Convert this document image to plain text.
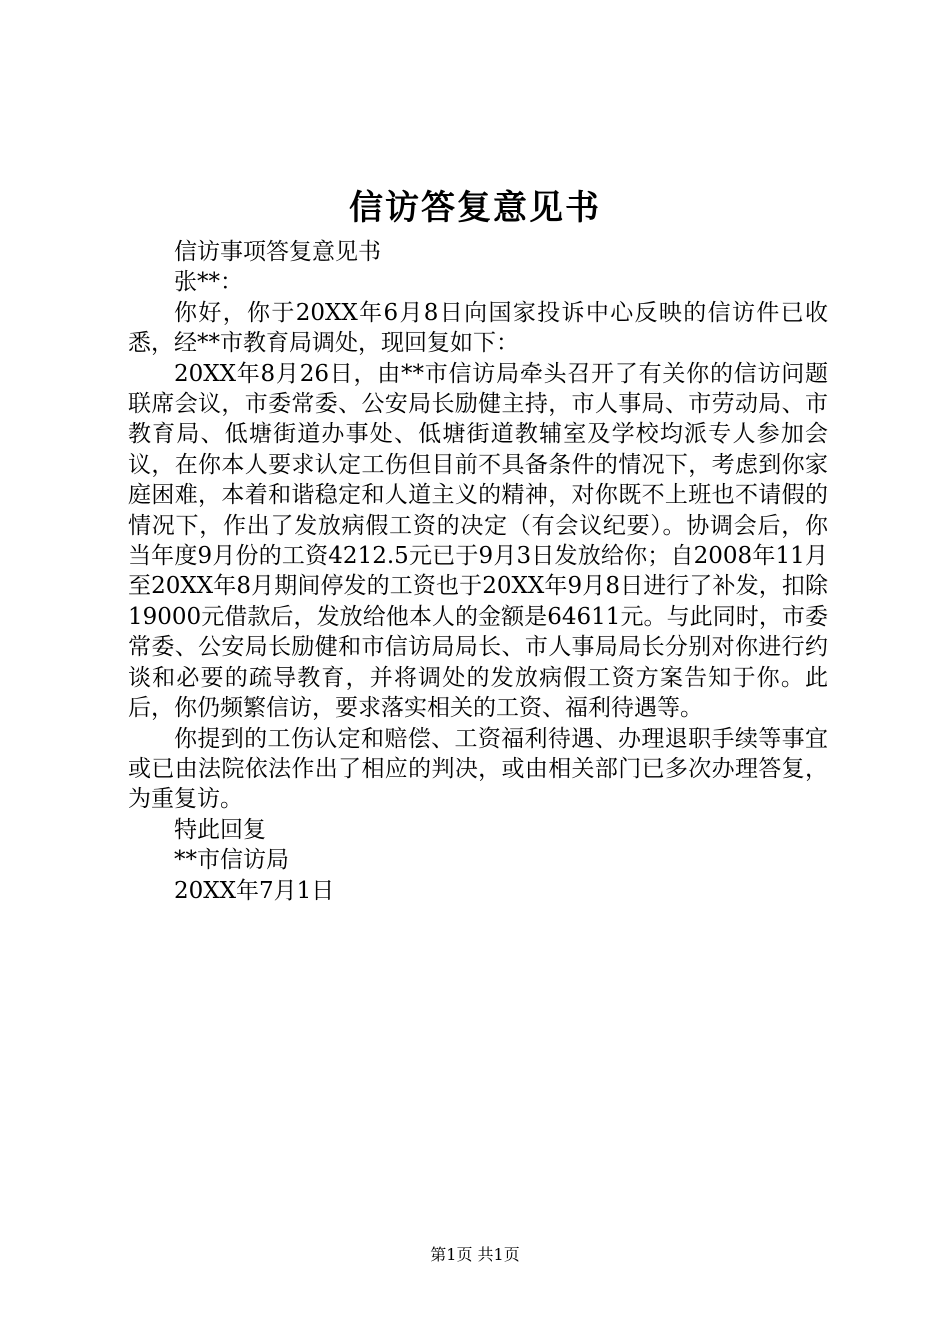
信访答复意见书

信访事项答复意见书

张**：

你好，你于20XX年6月8日向国家投诉中心反映的信访件已收悉，经**市教育局调处，现回复如下：

20XX年8月26日，由**市信访局牵头召开了有关你的信访问题联席会议，市委常委、公安局长励健主持，市人事局、市劳动局、市教育局、低塘街道办事处、低塘街道教辅室及学校均派专人参加会议，在你本人要求认定工伤但目前不具备条件的情况下，考虑到你家庭困难，本着和谐稳定和人道主义的精神，对你既不上班也不请假的情况下，作出了发放病假工资的决定（有会议纪要）。协调会后，你当年度9月份的工资4212.5元已于9月3日发放给你；自2008年11月至20XX年8月期间停发的工资也于20XX年9月8日进行了补发，扣除19000元借款后，发放给他本人的金额是64611元。与此同时，市委常委、公安局长励健和市信访局局长、市人事局局长分别对你进行约谈和必要的疏导教育，并将调处的发放病假工资方案告知于你。此后，你仍频繁信访，要求落实相关的工资、福利待遇等。

你提到的工伤认定和赔偿、工资福利待遇、办理退职手续等事宜或已由法院依法作出了相应的判决，或由相关部门已多次办理答复，为重复访。

特此回复

**市信访局

20XX年7月1日

第1页 共1页
